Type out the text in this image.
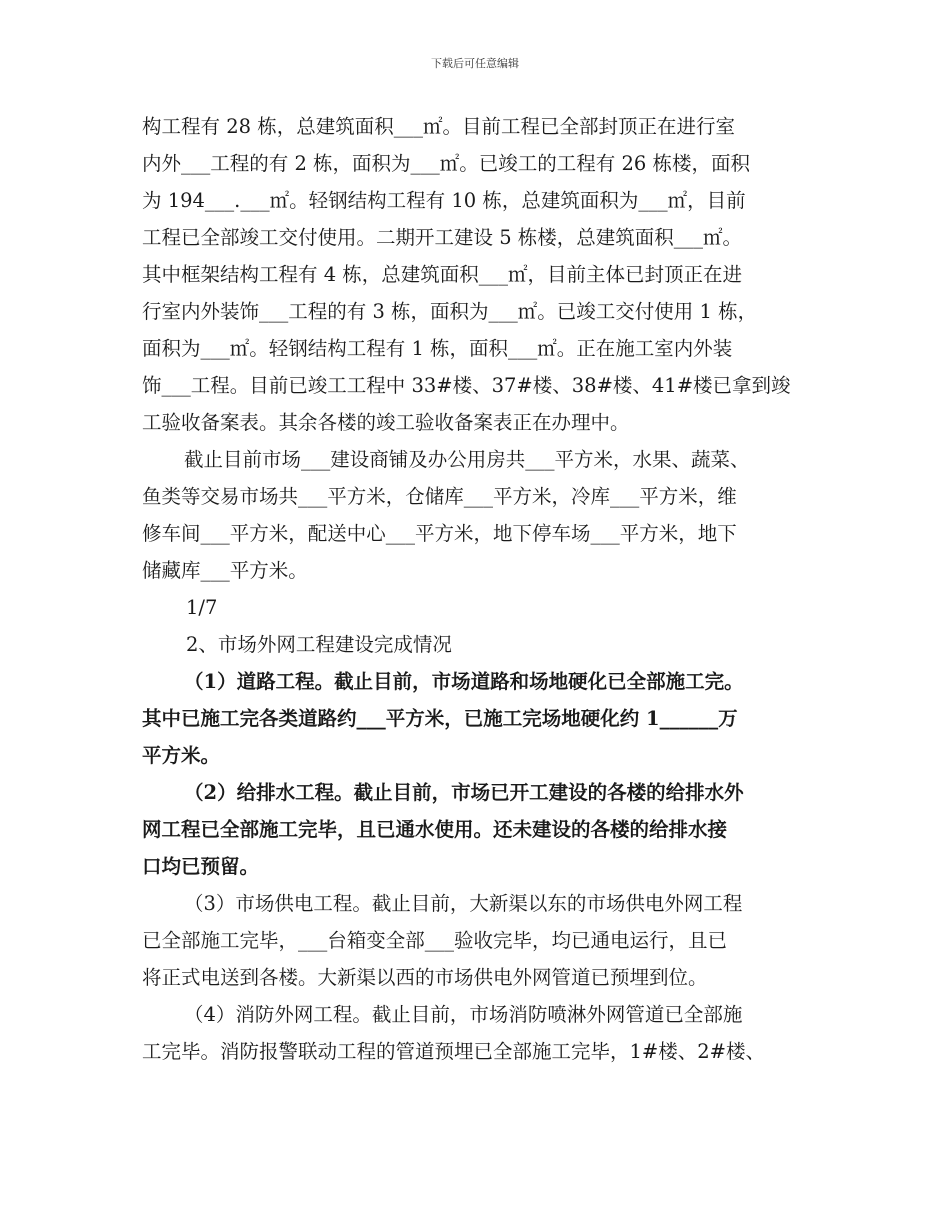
下载后可任意编辑
构工程有 28 栋，总建筑面积___㎡。目前工程已全部封顶正在进行室
内外___工程的有 2 栋，面积为___㎡。已竣工的工程有 26 栋楼，面积
为 194___.___㎡。轻钢结构工程有 10 栋，总建筑面积为___㎡，目前
工程已全部竣工交付使用。二期开工建设 5 栋楼，总建筑面积___㎡。
其中框架结构工程有 4 栋，总建筑面积___㎡，目前主体已封顶正在进
行室内外装饰___工程的有 3 栋，面积为___㎡。已竣工交付使用 1 栋，
面积为___㎡。轻钢结构工程有 1 栋，面积___㎡。正在施工室内外装
饰___工程。目前已竣工工程中 33#楼、37#楼、38#楼、41#楼已拿到竣
工验收备案表。其余各楼的竣工验收备案表正在办理中。
截止目前市场___建设商铺及办公用房共___平方米，水果、蔬菜、
鱼类等交易市场共___平方米，仓储库___平方米，冷库___平方米，维
修车间___平方米，配送中心___平方米，地下停车场___平方米，地下
储藏库___平方米。
1/7
2、市场外网工程建设完成情况
（1）道路工程。截止目前，市场道路和场地硬化已全部施工完。
其中已施工完各类道路约___平方米，已施工完场地硬化约 1______万
平方米。
（2）给排水工程。截止目前，市场已开工建设的各楼的给排水外
网工程已全部施工完毕，且已通水使用。还未建设的各楼的给排水接
口均已预留。
（3）市场供电工程。截止目前，大新渠以东的市场供电外网工程
已全部施工完毕，___台箱变全部___验收完毕，均已通电运行，且已
将正式电送到各楼。大新渠以西的市场供电外网管道已预埋到位。
（4）消防外网工程。截止目前，市场消防喷淋外网管道已全部施
工完毕。消防报警联动工程的管道预埋已全部施工完毕，1#楼、2#楼、
